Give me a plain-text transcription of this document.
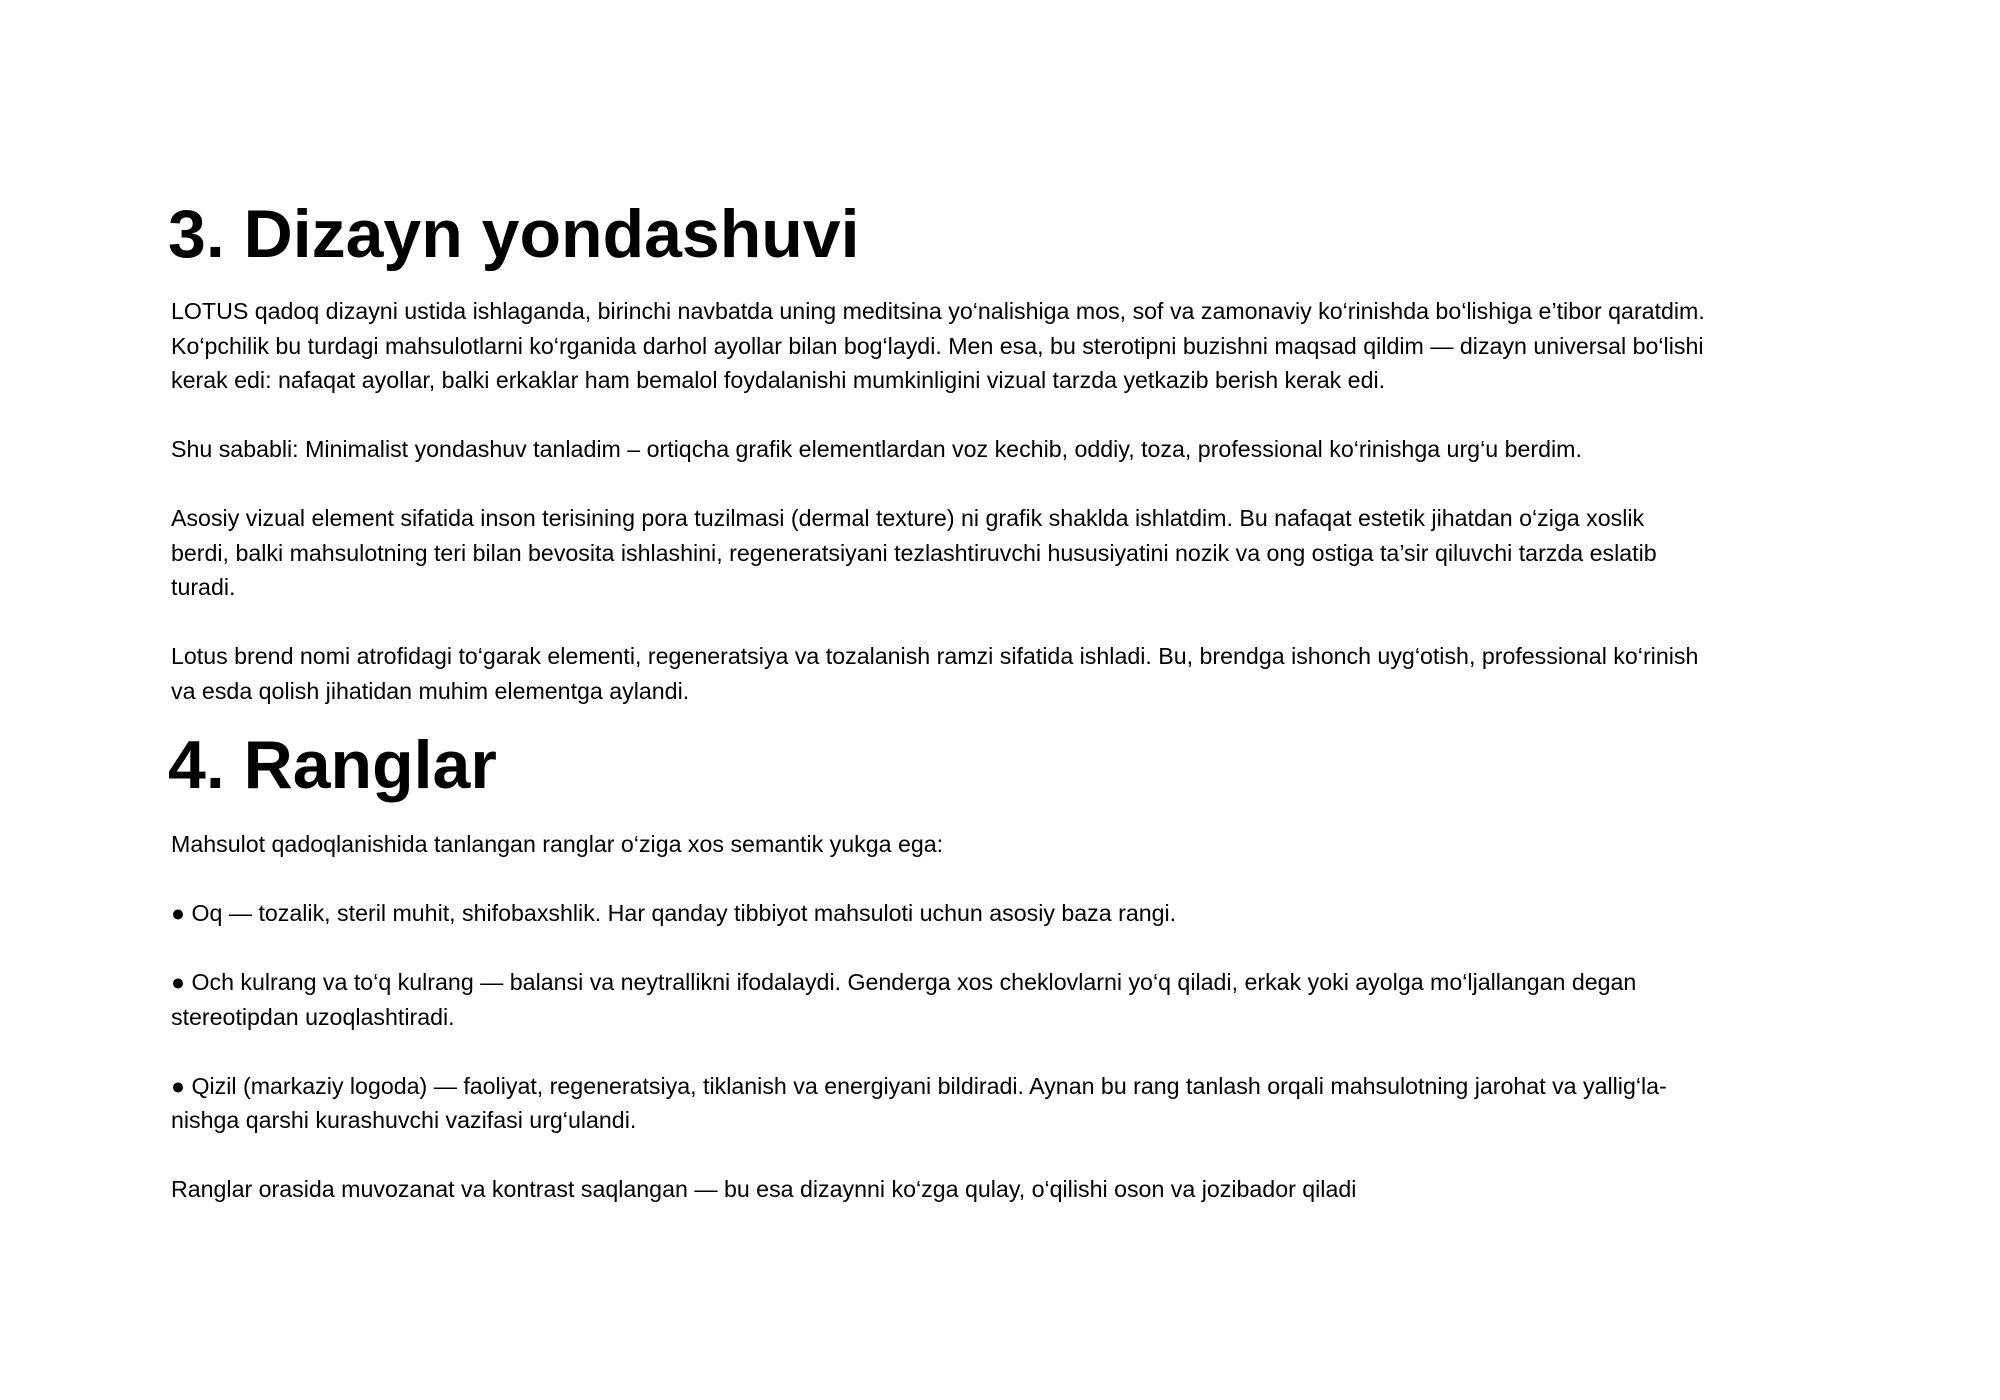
3. Dizayn yondashuvi
LOTUS qadoq dizayni ustida ishlaganda, birinchi navbatda uning meditsina yo‘nalishiga mos, sof va zamonaviy ko‘rinishda bo‘lishiga e’tibor qaratdim.
Ko‘pchilik bu turdagi mahsulotlarni ko‘rganida darhol ayollar bilan bog‘laydi. Men esa, bu sterotipni buzishni maqsad qildim — dizayn universal bo‘lishi
kerak edi: nafaqat ayollar, balki erkaklar ham bemalol foydalanishi mumkinligini vizual tarzda yetkazib berish kerak edi.
Shu sababli: Minimalist yondashuv tanladim – ortiqcha grafik elementlardan voz kechib, oddiy, toza, professional ko‘rinishga urg‘u berdim.
Asosiy vizual element sifatida inson terisining pora tuzilmasi (dermal texture) ni grafik shaklda ishlatdim. Bu nafaqat estetik jihatdan o‘ziga xoslik
berdi, balki mahsulotning teri bilan bevosita ishlashini, regeneratsiyani tezlashtiruvchi hususiyatini nozik va ong ostiga ta’sir qiluvchi tarzda eslatib
turadi.
Lotus brend nomi atrofidagi to‘garak elementi, regeneratsiya va tozalanish ramzi sifatida ishladi. Bu, brendga ishonch uyg‘otish, professional ko‘rinish
va esda qolish jihatidan muhim elementga aylandi.
4. Ranglar
Mahsulot qadoqlanishida tanlangan ranglar o‘ziga xos semantik yukga ega:
● Oq — tozalik, steril muhit, shifobaxshlik. Har qanday tibbiyot mahsuloti uchun asosiy baza rangi.
● Och kulrang va to‘q kulrang — balansi va neytrallikni ifodalaydi. Genderga xos cheklovlarni yo‘q qiladi, erkak yoki ayolga mo‘ljallangan degan
stereotipdan uzoqlashtiradi.
● Qizil (markaziy logoda) — faoliyat, regeneratsiya, tiklanish va energiyani bildiradi. Aynan bu rang tanlash orqali mahsulotning jarohat va yallig‘la-
nishga qarshi kurashuvchi vazifasi urg‘ulandi.
Ranglar orasida muvozanat va kontrast saqlangan — bu esa dizaynni ko‘zga qulay, o‘qilishi oson va jozibador qiladi
